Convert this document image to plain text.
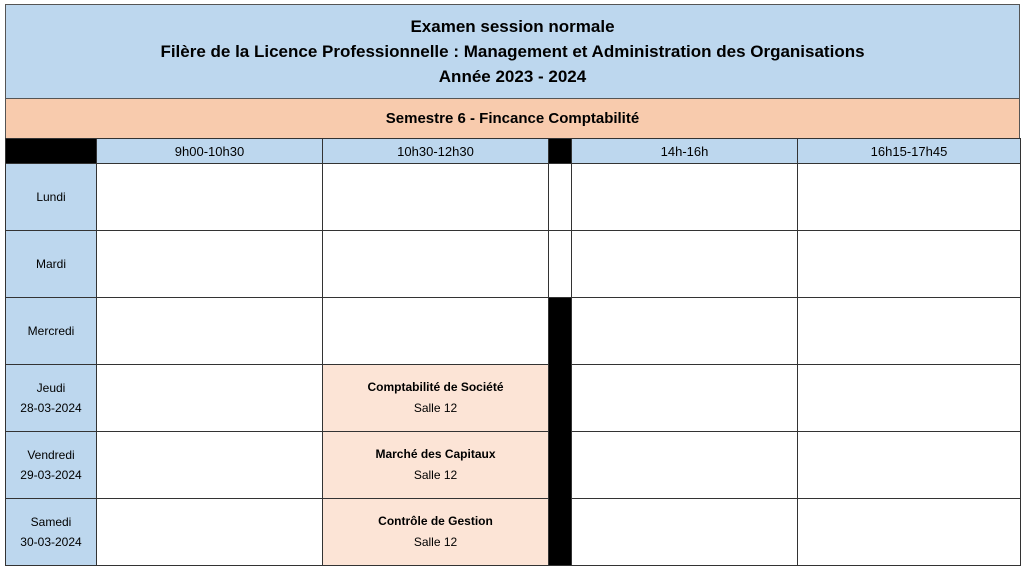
Examen session normale
Filère de la Licence Professionnelle : Management et Administration des Organisations
Année 2023 - 2024
Semestre 6 - Fincance Comptabilité
	9h00-10h30	10h30-12h30		14h-16h	16h15-17h45
Lundi					
Mardi					
Mercredi					
Jeudi
28-03-2024		Comptabilité de Société
Salle 12			

Vendredi
29-03-2024		Marché des Capitaux
Salle 12			

Samedi
30-03-2024		Contrôle de Gestion
Salle 12			
